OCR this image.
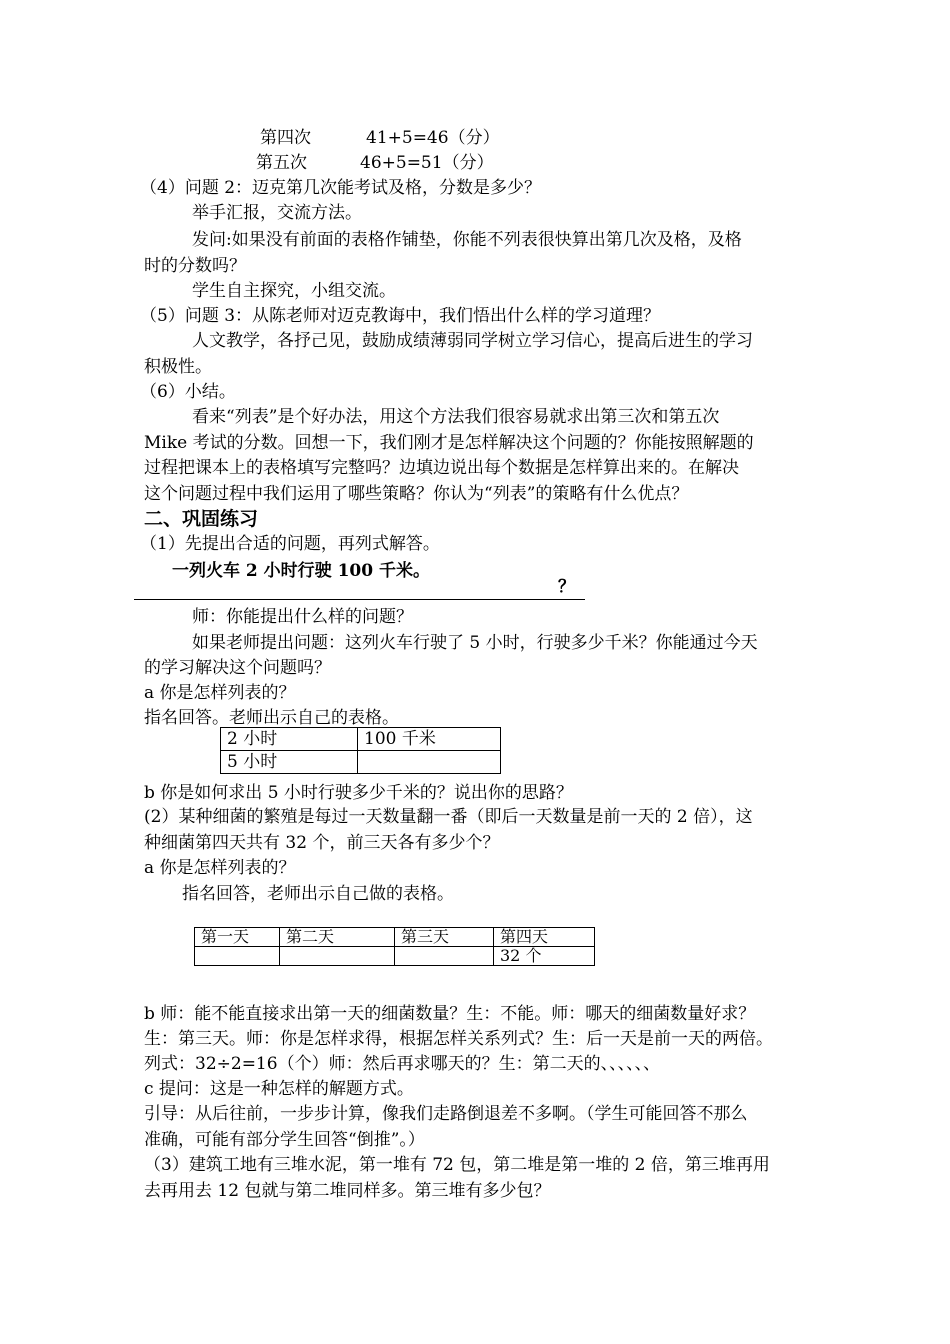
第四次	41+5=46（分）
第五次	46+5=51（分）
（4）问题 2：迈克第几次能考试及格，分数是多少？
举手汇报，交流方法。
发问:如果没有前面的表格作铺垫，你能不列表很快算出第几次及格，及格
时的分数吗？
学生自主探究，小组交流。
（5）问题 3：从陈老师对迈克教诲中，我们悟出什么样的学习道理？
人文教学，各抒己见，鼓励成绩薄弱同学树立学习信心，提高后进生的学习
积极性。
（6）小结。
看来“列表”是个好办法，用这个方法我们很容易就求出第三次和第五次
Mike 考试的分数。回想一下，我们刚才是怎样解决这个问题的？你能按照解题的
过程把课本上的表格填写完整吗？边填边说出每个数据是怎样算出来的。在解决
这个问题过程中我们运用了哪些策略？你认为“列表”的策略有什么优点？
二、巩固练习
（1）先提出合适的问题，再列式解答。
一列火车 2 小时行驶 100 千米。
？
师：你能提出什么样的问题？
如果老师提出问题：这列火车行驶了 5 小时，行驶多少千米？你能通过今天
的学习解决这个问题吗？
a 你是怎样列表的？
指名回答。老师出示自己的表格。
2 小时	100 千米
5 小时	
b 你是如何求出 5 小时行驶多少千米的？说出你的思路？
(2）某种细菌的繁殖是每过一天数量翻一番（即后一天数量是前一天的 2 倍），这
种细菌第四天共有 32 个，前三天各有多少个？
a 你是怎样列表的？
指名回答，老师出示自己做的表格。
第一天	第二天	第三天	第四天
			32 个
b 师：能不能直接求出第一天的细菌数量？生：不能。师：哪天的细菌数量好求？
生：第三天。师：你是怎样求得，根据怎样关系列式？生：后一天是前一天的两倍。
列式：32÷2=16（个）师：然后再求哪天的？生：第二天的、、、、、、
c 提问：这是一种怎样的解题方式。
引导：从后往前，一步步计算，像我们走路倒退差不多啊。（学生可能回答不那么
准确，可能有部分学生回答“倒推”。）
（3）建筑工地有三堆水泥，第一堆有 72 包，第二堆是第一堆的 2 倍，第三堆再用
去再用去 12 包就与第二堆同样多。第三堆有多少包？
